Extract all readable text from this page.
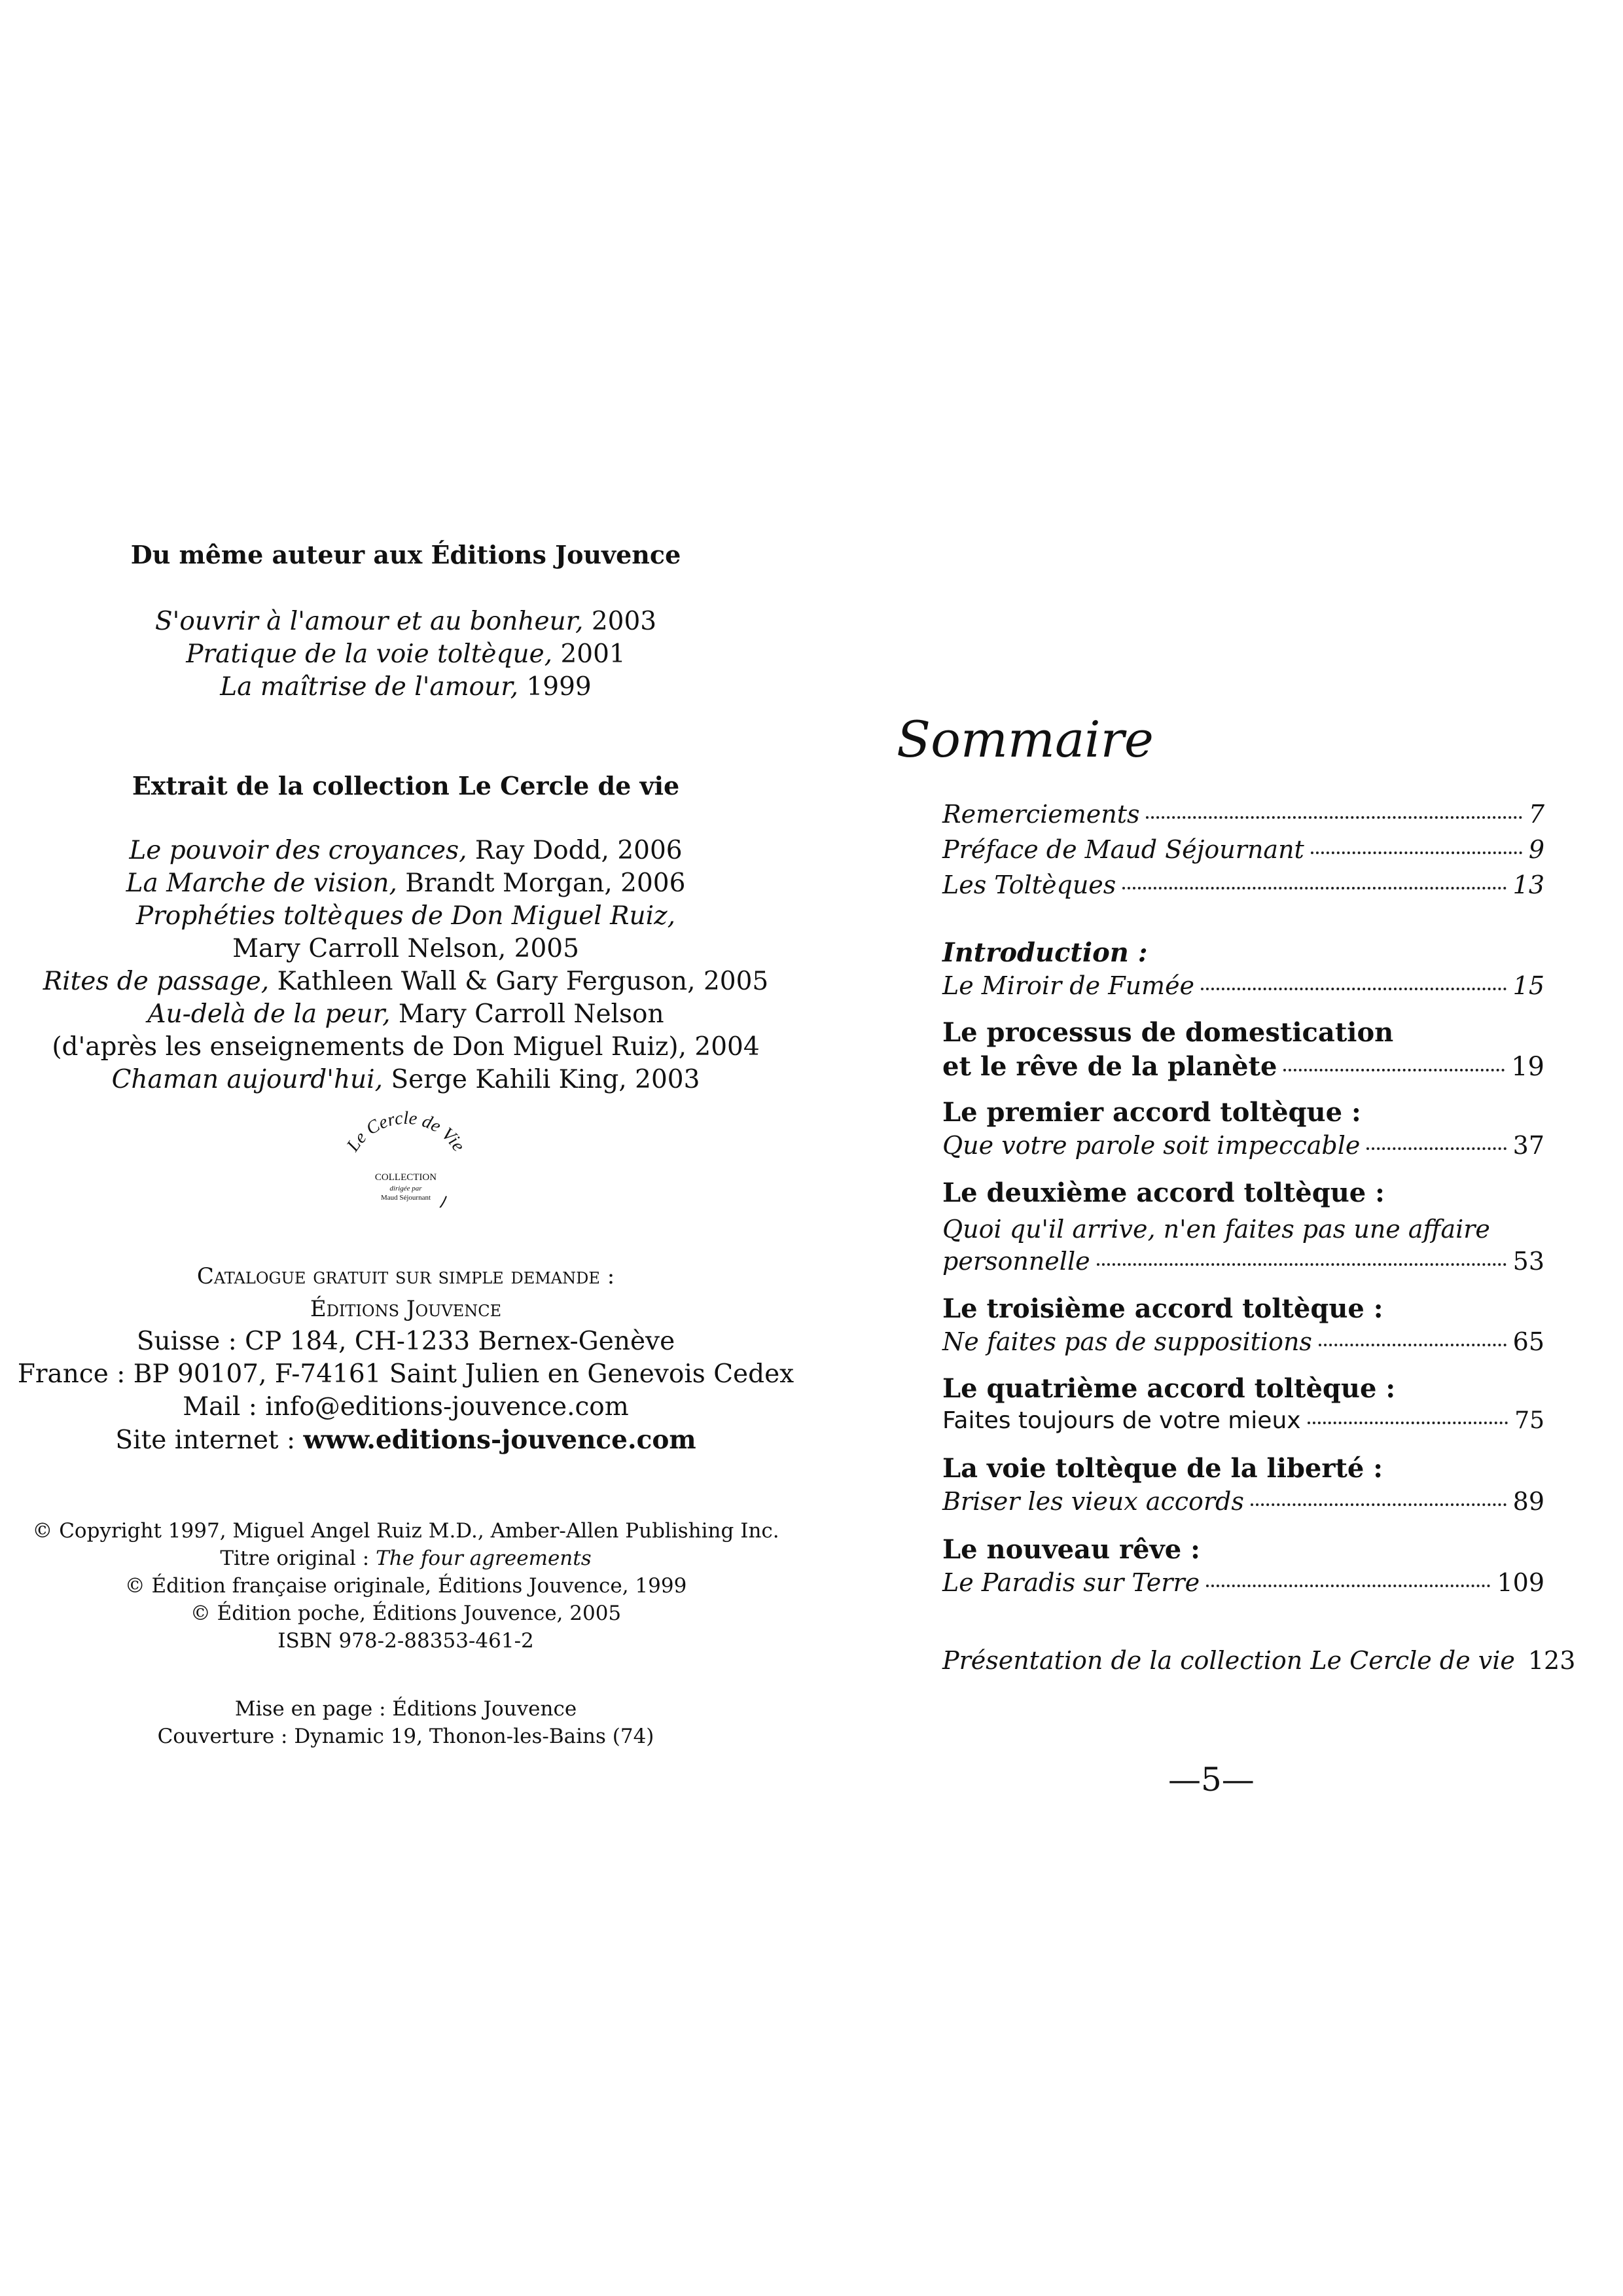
Du même auteur aux Éditions Jouvence
S'ouvrir à l'amour et au bonheur, 2003
Pratique de la voie toltèque, 2001
La maîtrise de l'amour, 1999
Extrait de la collection Le Cercle de vie
Le pouvoir des croyances, Ray Dodd, 2006
La Marche de vision, Brandt Morgan, 2006
Prophéties toltèques de Don Miguel Ruiz,
Mary Carroll Nelson, 2005
Rites de passage, Kathleen Wall & Gary Ferguson, 2005
Au-delà de la peur, Mary Carroll Nelson
(d'après les enseignements de Don Miguel Ruiz), 2004
Chaman aujourd'hui, Serge Kahili King, 2003
Le Cercle de Vie
COLLECTION
dirigée par
Maud Séjournant
Catalogue gratuit sur simple demande :
Éditions Jouvence
Suisse : CP 184, CH-1233 Bernex-Genève
France : BP 90107, F-74161 Saint Julien en Genevois Cedex
Mail : info@editions-jouvence.com
Site internet : www.editions-jouvence.com
© Copyright 1997, Miguel Angel Ruiz M.D., Amber-Allen Publishing Inc.
Titre original : The four agreements
© Édition française originale, Éditions Jouvence, 1999
© Édition poche, Éditions Jouvence, 2005
ISBN 978-2-88353-461-2
Mise en page : Éditions Jouvence
Couverture : Dynamic 19, Thonon-les-Bains (74)
Sommaire
Remerciements	7
Préface de Maud Séjournant	9
Les Toltèques	13
Introduction :
Le Miroir de Fumée	15
Le processus de domestication
et le rêve de la planète	19
Le premier accord toltèque :
Que votre parole soit impeccable	37
Le deuxième accord toltèque :
Quoi qu'il arrive, n'en faites pas une affaire
personnelle	53
Le troisième accord toltèque :
Ne faites pas de suppositions	65
Le quatrième accord toltèque :
Faites toujours de votre mieux	75
La voie toltèque de la liberté :
Briser les vieux accords	89
Le nouveau rêve :
Le Paradis sur Terre	109
Présentation de la collection Le Cercle de vie 123
—5—
